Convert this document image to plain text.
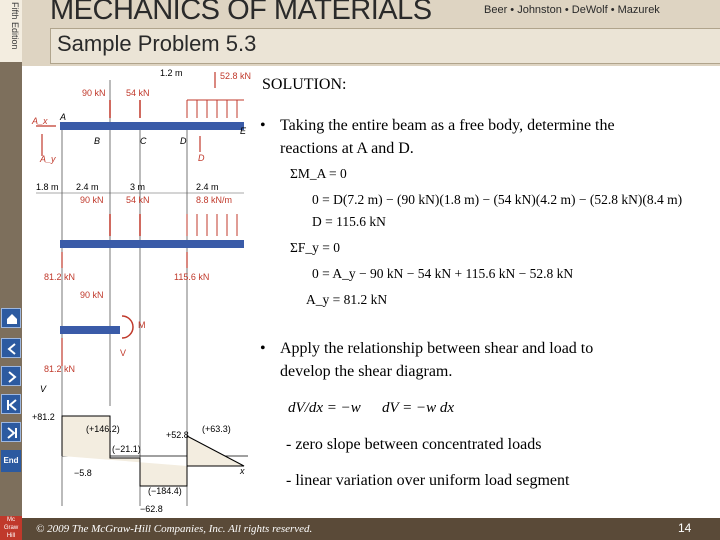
Fifth Edition
End
Mc Graw Hill
MECHANICS OF MATERIALS	Beer • Johnston • DeWolf • Mazurek
Sample Problem 5.3
1.2 m	52.8 kN
90 kN 54 kN
A_x
A_y
A
B	C	D
E
D
1.8 m 2.4 m	3 m	2.4 m
90 kN 54 kN	8.8 kN/m
81.2 kN	115.6 kN
90 kN
M
V
81.2 kN
V
+81.2
(+146.2)
(−21.1)
+52.8
(+63.3)
−5.8
(−184.4)
−62.8
x
SOLUTION:
• Taking the entire beam as a free body, determine the
reactions at A and D.
ΣM_A = 0
0 = D(7.2 m) − (90 kN)(1.8 m) − (54 kN)(4.2 m) − (52.8 kN)(8.4 m)
D = 115.6 kN
ΣF_y = 0
0 = A_y − 90 kN − 54 kN + 115.6 kN − 52.8 kN
A_y = 81.2 kN
• Apply the relationship between shear and load to
develop the shear diagram.
dV/dx = −w dV = −w dx
- zero slope between concentrated loads
- linear variation over uniform load segment
© 2009 The McGraw-Hill Companies, Inc. All rights reserved.	14
